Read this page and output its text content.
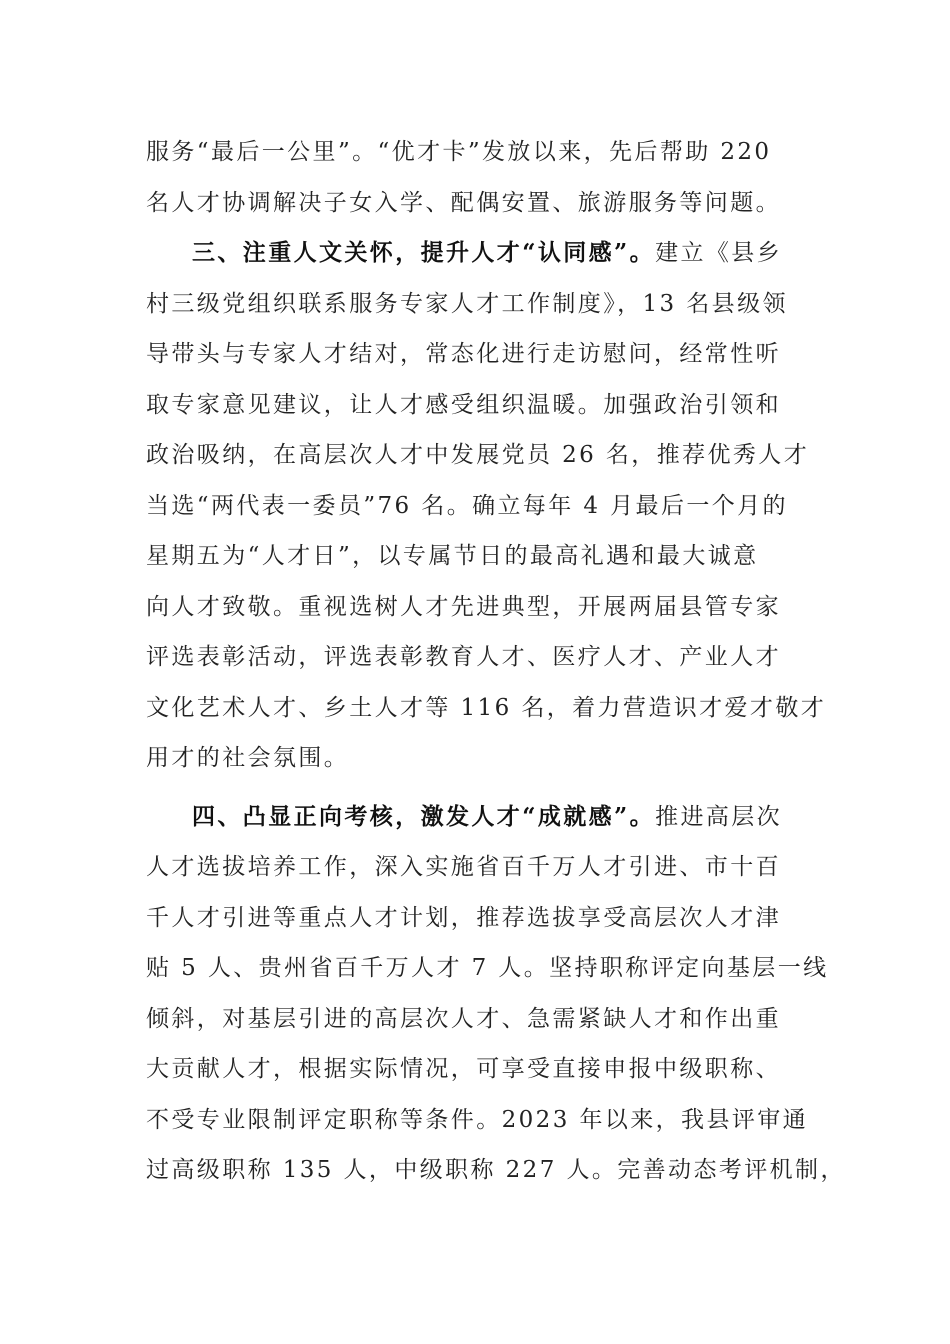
服务“最后一公里”。“优才卡”发放以来，先后帮助 220
名人才协调解决子女入学、配偶安置、旅游服务等问题。
三、注重人文关怀，提升人才“认同感”。建立《县乡
村三级党组织联系服务专家人才工作制度》，13 名县级领
导带头与专家人才结对，常态化进行走访慰问，经常性听
取专家意见建议，让人才感受组织温暖。加强政治引领和
政治吸纳，在高层次人才中发展党员 26 名，推荐优秀人才
当选“两代表一委员”76 名。确立每年 4 月最后一个月的
星期五为“人才日”，以专属节日的最高礼遇和最大诚意
向人才致敬。重视选树人才先进典型，开展两届县管专家
评选表彰活动，评选表彰教育人才、医疗人才、产业人才
文化艺术人才、乡土人才等 116 名，着力营造识才爱才敬才
用才的社会氛围。
四、凸显正向考核，激发人才“成就感”。推进高层次
人才选拔培养工作，深入实施省百千万人才引进、市十百
千人才引进等重点人才计划，推荐选拔享受高层次人才津
贴 5 人、贵州省百千万人才 7 人。坚持职称评定向基层一线
倾斜，对基层引进的高层次人才、急需紧缺人才和作出重
大贡献人才，根据实际情况，可享受直接申报中级职称、
不受专业限制评定职称等条件。2023 年以来，我县评审通
过高级职称 135 人，中级职称 227 人。完善动态考评机制，
